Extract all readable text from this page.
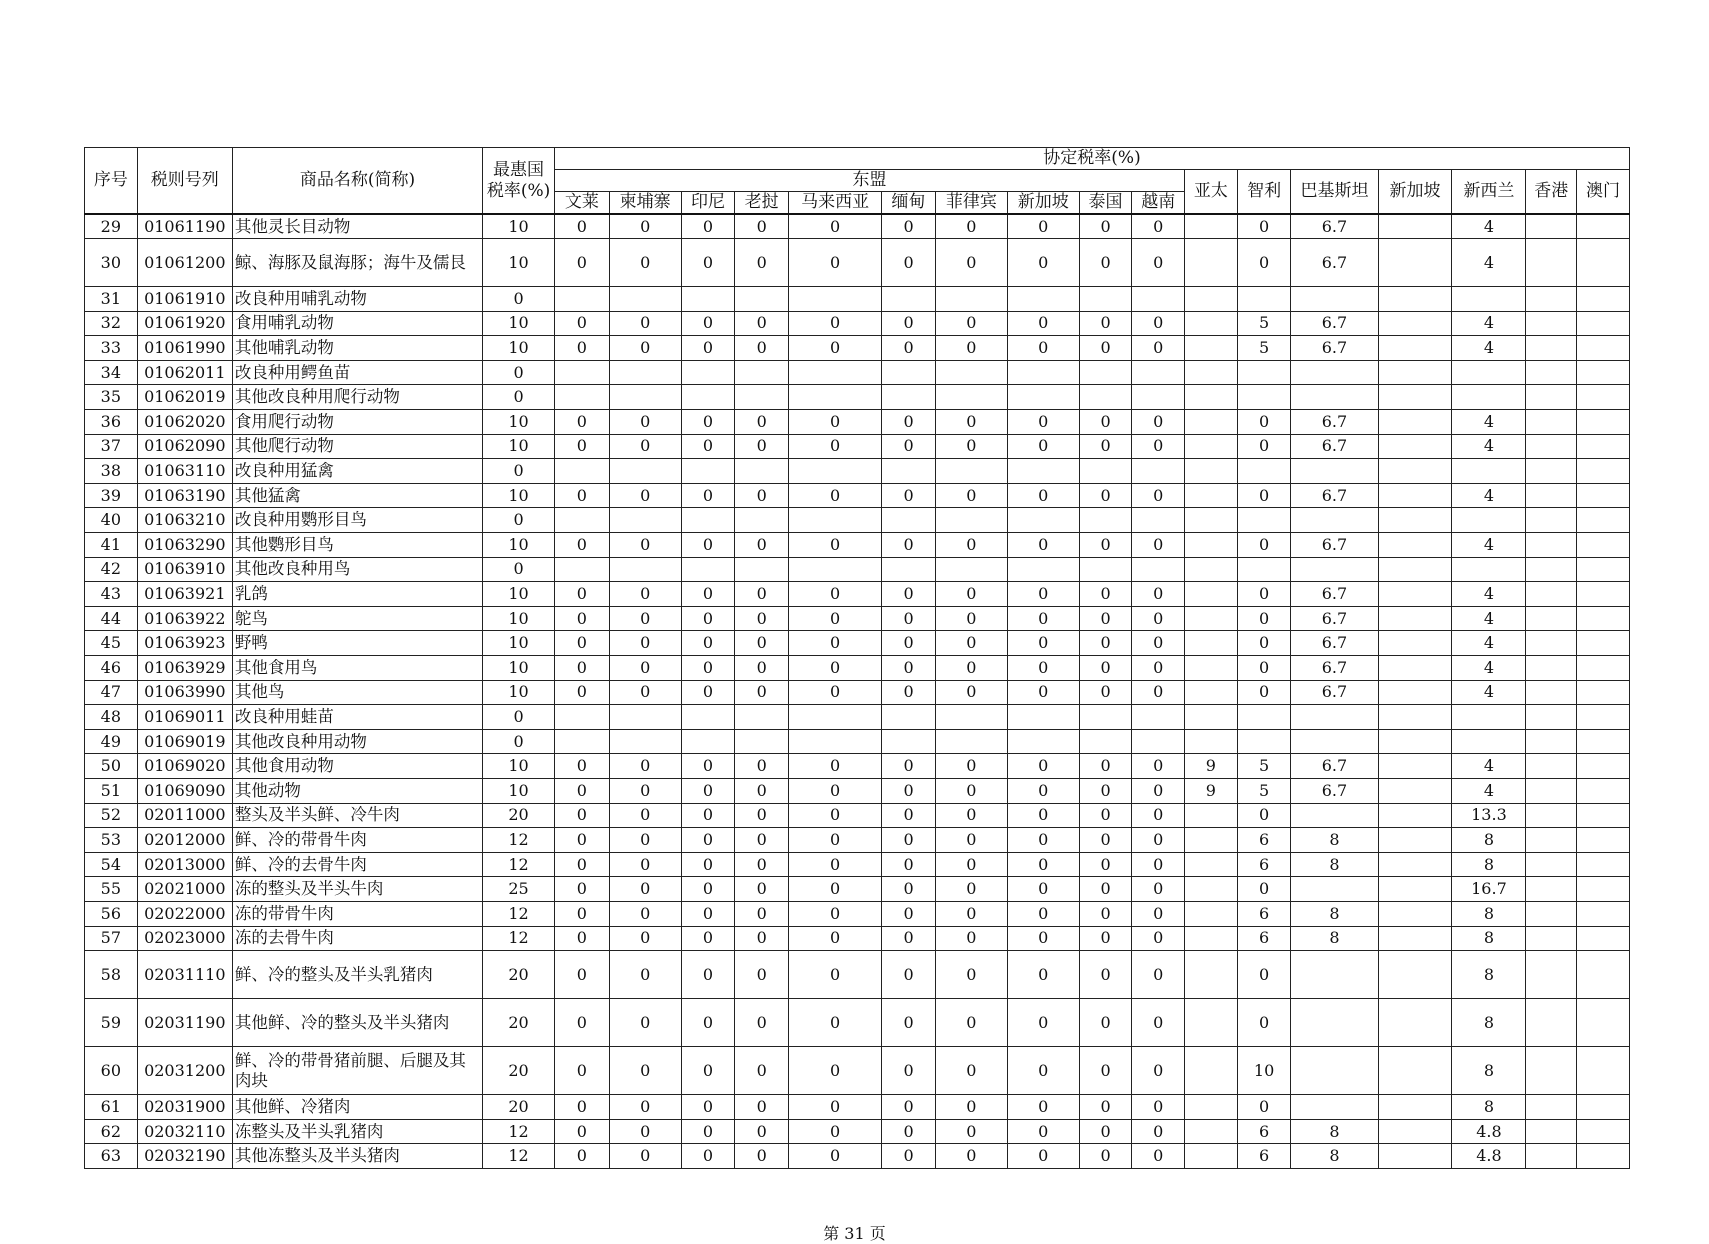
序号	税则号列	商品名称(简称)	最惠国税率(%)	协定税率(%)																
				东盟										亚太	智利	巴基斯坦	新加坡	新西兰	香港	澳门
				文莱	柬埔寨	印尼	老挝	马来西亚	缅甸	菲律宾	新加坡	泰国	越南							
29	01061190	其他灵长目动物	10	0	0	0	0	0	0	0	0	0	0		0	6.7		4		
30	01061200	鲸、海豚及鼠海豚；海牛及儒艮	10	0	0	0	0	0	0	0	0	0	0		0	6.7		4		
31	01061910	改良种用哺乳动物	0																	
32	01061920	食用哺乳动物	10	0	0	0	0	0	0	0	0	0	0		5	6.7		4		
33	01061990	其他哺乳动物	10	0	0	0	0	0	0	0	0	0	0		5	6.7		4		
34	01062011	改良种用鳄鱼苗	0																	
35	01062019	其他改良种用爬行动物	0																	
36	01062020	食用爬行动物	10	0	0	0	0	0	0	0	0	0	0		0	6.7		4		
37	01062090	其他爬行动物	10	0	0	0	0	0	0	0	0	0	0		0	6.7		4		
38	01063110	改良种用猛禽	0																	
39	01063190	其他猛禽	10	0	0	0	0	0	0	0	0	0	0		0	6.7		4		
40	01063210	改良种用鹦形目鸟	0																	
41	01063290	其他鹦形目鸟	10	0	0	0	0	0	0	0	0	0	0		0	6.7		4		
42	01063910	其他改良种用鸟	0																	
43	01063921	乳鸽	10	0	0	0	0	0	0	0	0	0	0		0	6.7		4		
44	01063922	鸵鸟	10	0	0	0	0	0	0	0	0	0	0		0	6.7		4		
45	01063923	野鸭	10	0	0	0	0	0	0	0	0	0	0		0	6.7		4		
46	01063929	其他食用鸟	10	0	0	0	0	0	0	0	0	0	0		0	6.7		4		
47	01063990	其他鸟	10	0	0	0	0	0	0	0	0	0	0		0	6.7		4		
48	01069011	改良种用蛙苗	0																	
49	01069019	其他改良种用动物	0																	
50	01069020	其他食用动物	10	0	0	0	0	0	0	0	0	0	0	9	5	6.7		4		
51	01069090	其他动物	10	0	0	0	0	0	0	0	0	0	0	9	5	6.7		4		
52	02011000	整头及半头鲜、冷牛肉	20	0	0	0	0	0	0	0	0	0	0		0			13.3		
53	02012000	鲜、冷的带骨牛肉	12	0	0	0	0	0	0	0	0	0	0		6	8		8		
54	02013000	鲜、冷的去骨牛肉	12	0	0	0	0	0	0	0	0	0	0		6	8		8		
55	02021000	冻的整头及半头牛肉	25	0	0	0	0	0	0	0	0	0	0		0			16.7		
56	02022000	冻的带骨牛肉	12	0	0	0	0	0	0	0	0	0	0		6	8		8		
57	02023000	冻的去骨牛肉	12	0	0	0	0	0	0	0	0	0	0		6	8		8		
58	02031110	鲜、冷的整头及半头乳猪肉	20	0	0	0	0	0	0	0	0	0	0		0			8		
59	02031190	其他鲜、冷的整头及半头猪肉	20	0	0	0	0	0	0	0	0	0	0		0			8		
60	02031200	鲜、冷的带骨猪前腿、后腿及其肉块	20	0	0	0	0	0	0	0	0	0	0		10			8		
61	02031900	其他鲜、冷猪肉	20	0	0	0	0	0	0	0	0	0	0		0			8		
62	02032110	冻整头及半头乳猪肉	12	0	0	0	0	0	0	0	0	0	0		6	8		4.8		
63	02032190	其他冻整头及半头猪肉	12	0	0	0	0	0	0	0	0	0	0		6	8		4.8		
第 31 页
